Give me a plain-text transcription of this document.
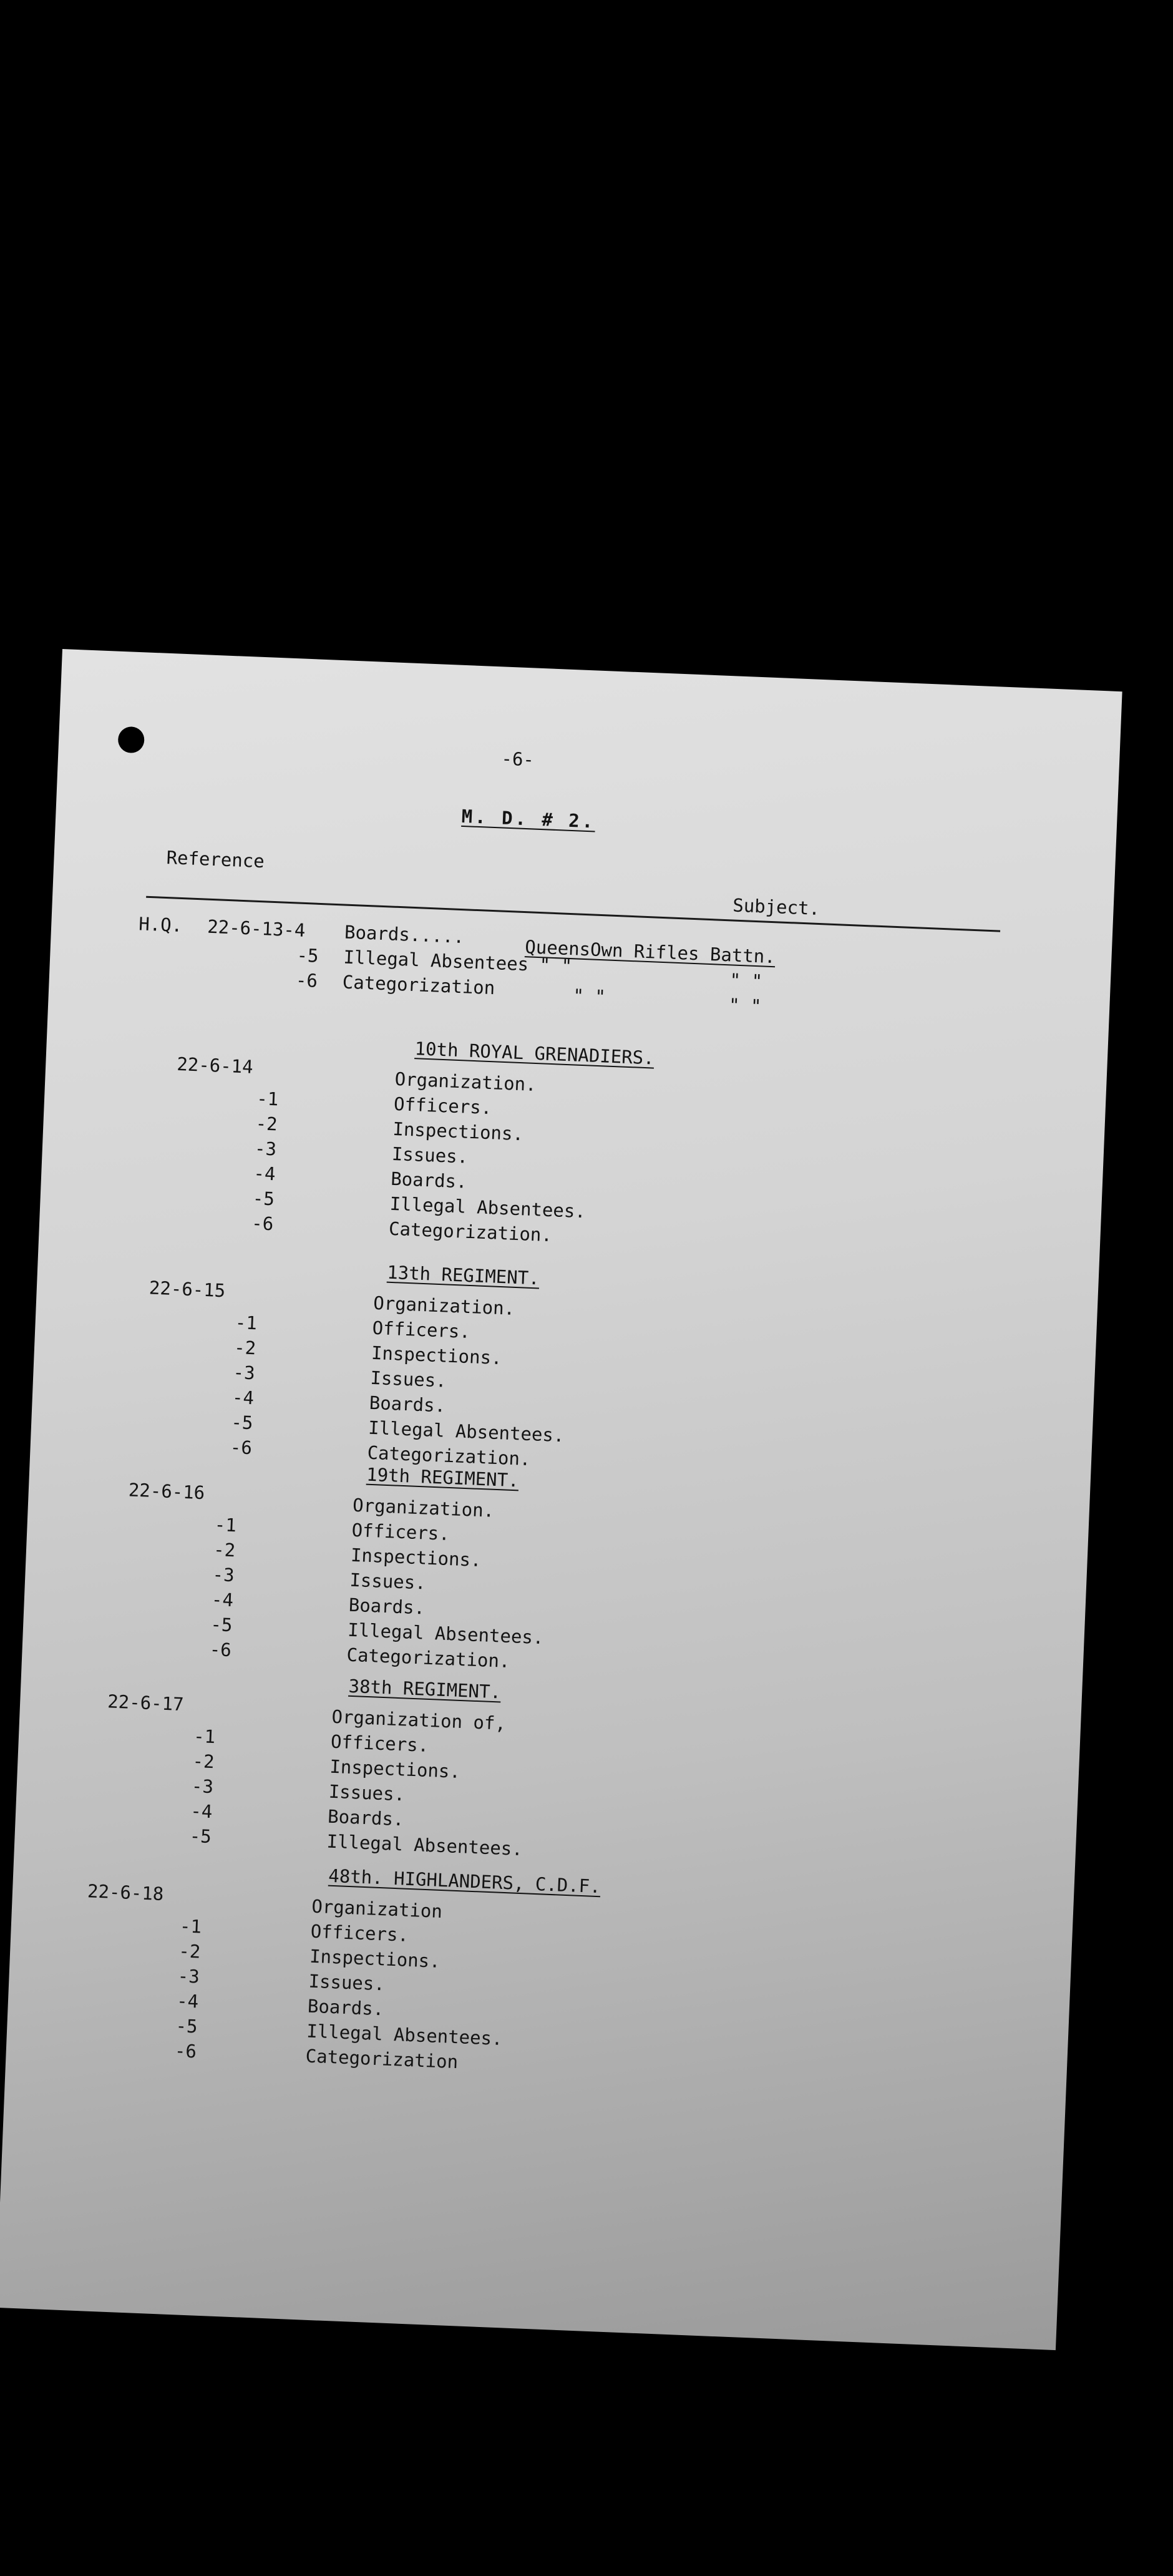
-6-
M. D. # 2.
Reference
Subject.
H.Q. 22-6-13-4 Boards.....
QueensOwn Rifles Battn.
-5 Illegal Absentees " "
" "
-6 Categorization	" "	" "
10th ROYAL GRENADIERS.
22-6-14
Organization.
Officers.
Inspections.
Issues.
Boards.
Illegal Absentees.
Categorization.
-1
-2
-3
-4
-5
-6
13th REGIMENT.
22-6-15
Organization.
Officers.
Inspections.
Issues.
Boards.
Illegal Absentees.
Categorization.
-1
-2
-3
-4
-5
-6
19th REGIMENT.
22-6-16
Organization.
Officers.
Inspections.
Issues.
Boards.
Illegal Absentees.
Categorization.
-1
-2
-3
-4
-5
-6
38th REGIMENT.
22-6-17
Organization of,
Officers.
Inspections.
Issues.
Boards.
Illegal Absentees.
-1
-2
-3
-4
-5
48th. HIGHLANDERS, C.D.F.
22-6-18
Organization
Officers.
Inspections.
Issues.
Boards.
Illegal Absentees.
Categorization
-1
-2
-3
-4
-5
-6
